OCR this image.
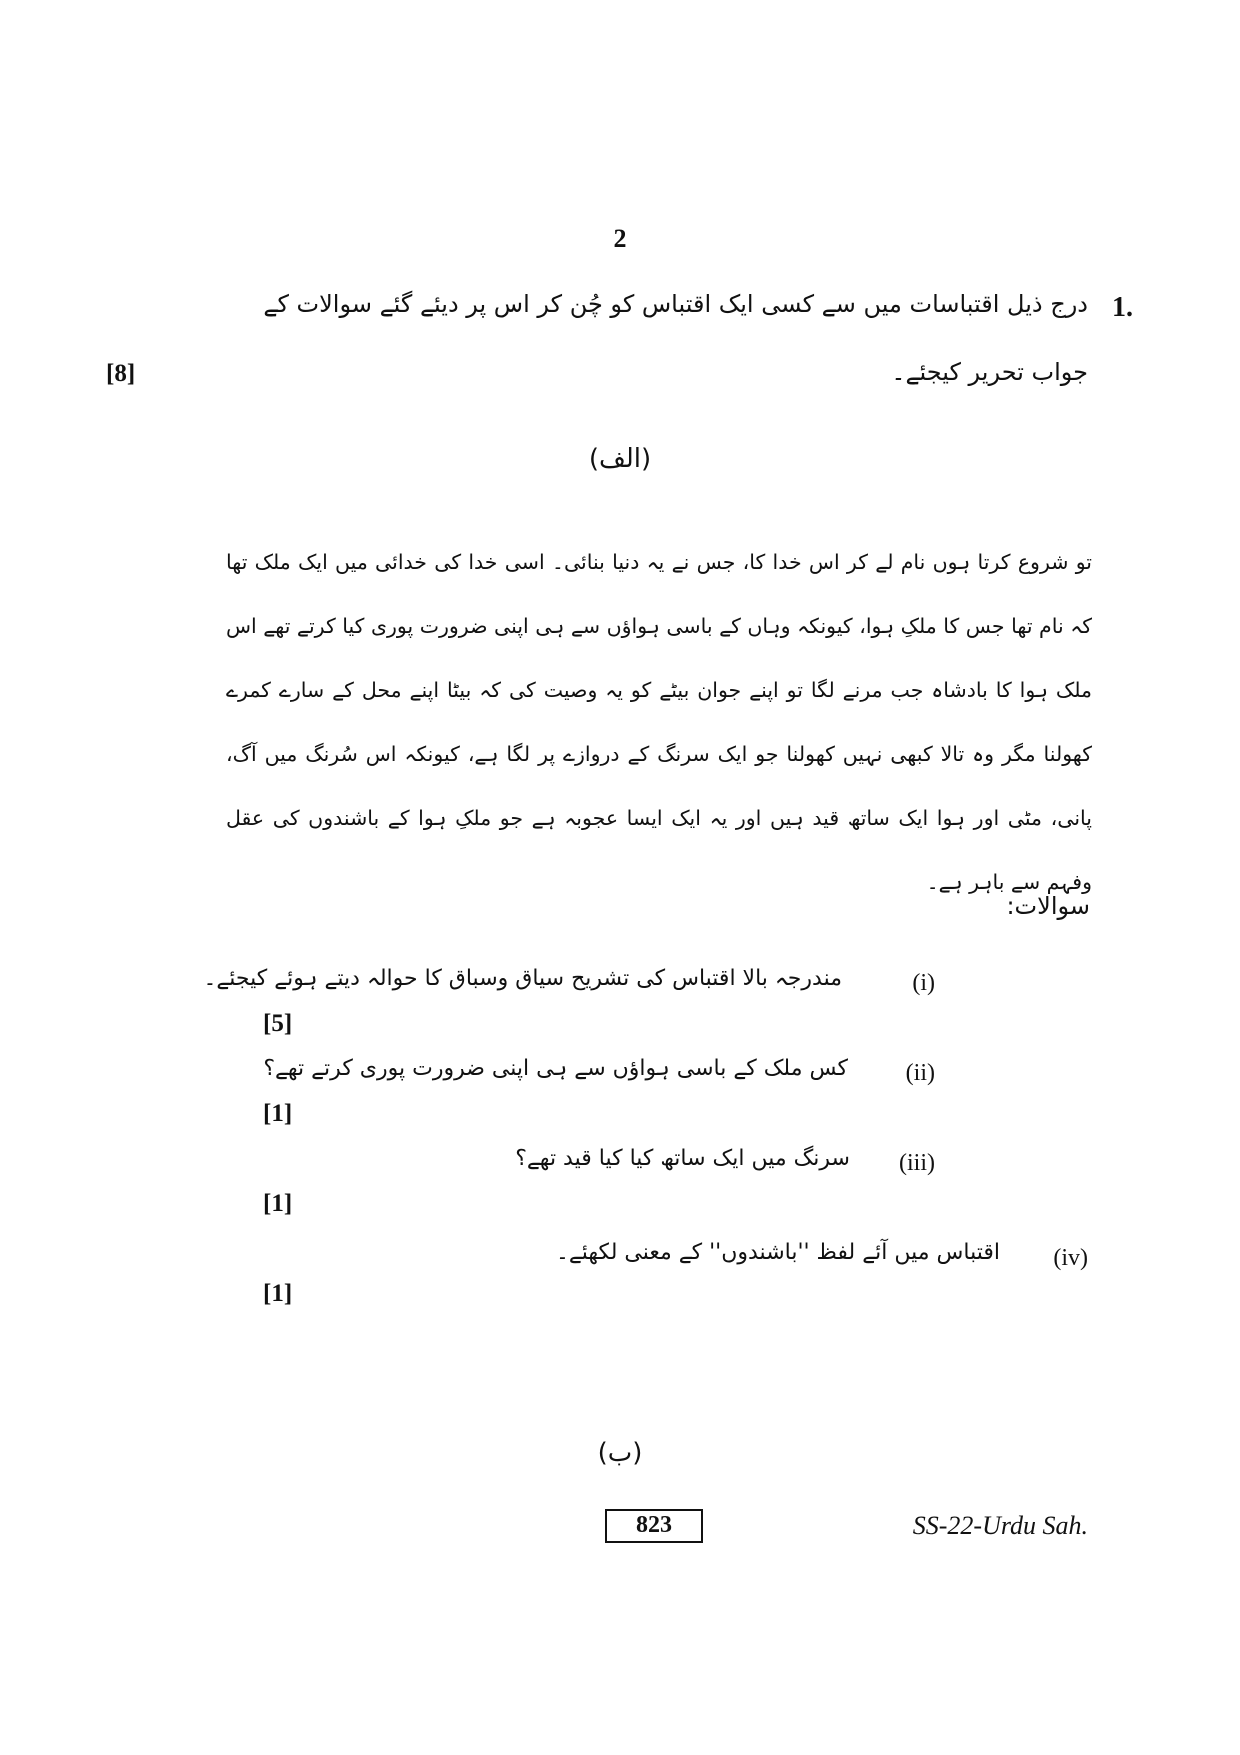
2
1.
درج ذیل اقتباسات میں سے کسی ایک اقتباس کو چُن کر اس پر دیئے گئے سوالات کے
جواب تحریر کیجئے۔
[8]
(الف)

تو شروع کرتا ہوں نام لے کر اس خدا کا، جس نے یہ دنیا بنائی۔ اسی خدا کی خدائی میں ایک ملک تھا کہ نام تھا جس کا ملکِ ہوا، کیونکہ وہاں کے باسی ہواؤں سے ہی اپنی ضرورت پوری کیا کرتے تھے اس ملک ہوا کا بادشاہ جب مرنے لگا تو اپنے جوان بیٹے کو یہ وصیت کی کہ بیٹا اپنے محل کے سارے کمرے کھولنا مگر وہ تالا کبھی نہیں کھولنا جو ایک سرنگ کے دروازے پر لگا ہے، کیونکہ اس سُرنگ میں آگ، پانی، مٹی اور ہوا ایک ساتھ قید ہیں اور یہ ایک ایسا عجوبہ ہے جو ملکِ ہوا کے باشندوں کی عقل وفہم سے باہر ہے۔

سوالات:
(i)
مندرجہ بالا اقتباس کی تشریح سیاق وسباق کا حوالہ دیتے ہوئے کیجئے۔
[5]
(ii)
کس ملک کے باسی ہواؤں سے ہی اپنی ضرورت پوری کرتے تھے؟
[1]
(iii)
سرنگ میں ایک ساتھ کیا کیا قید تھے؟
[1]
(iv)
اقتباس میں آئے لفظ ''باشندوں'' کے معنی لکھئے۔
[1]
(ب)
823	SS-22-Urdu Sah.
